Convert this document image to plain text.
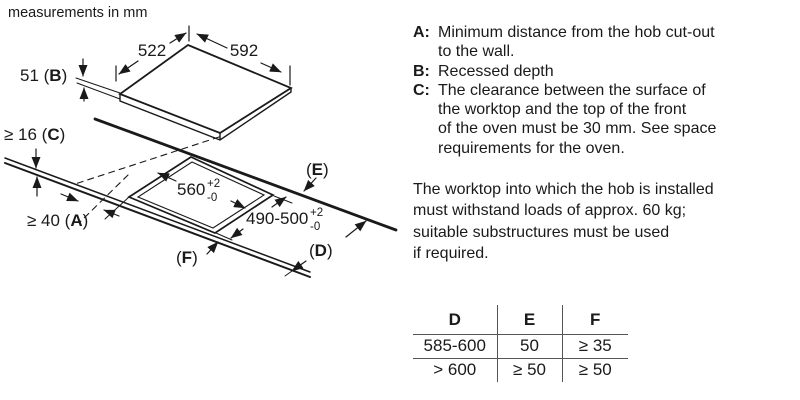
measurements in mm
522	592
51 (B)
≥ 16 (C)
560 +2
-0
490-500 +2
-0
≥ 40 (A)
(E)
(D)
(F)
A: Minimum distance from the hob cut-out
to the wall.
B: Recessed depth
C: The clearance between the surface of
the worktop and the top of the front
of the oven must be 30 mm. See space
requirements for the oven.
The worktop into which the hob is installed
must withstand loads of approx. 60 kg;
suitable substructures must be used
if required.
D	E	F
585-600	50	≥ 35
> 600	≥ 50	≥ 50
